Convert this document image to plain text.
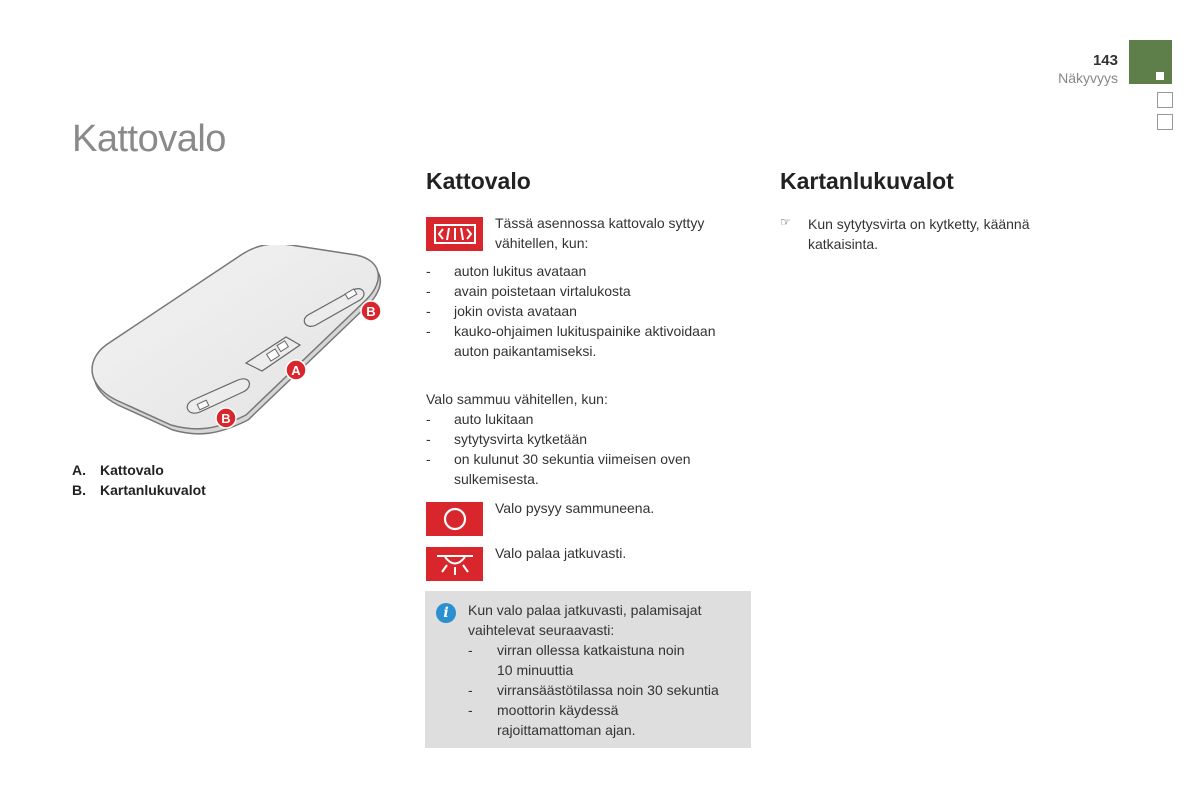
143
Näkyvyys
Kattovalo
B
A
B
A. Kattovalo
B. Kartanlukuvalot
Kattovalo
Tässä asennossa kattovalo syttyy
vähitellen, kun:
- auton lukitus avataan
- avain poistetaan virtalukosta
- jokin ovista avataan
- kauko-ohjaimen lukituspainike aktivoidaan
auton paikantamiseksi.
Valo sammuu vähitellen, kun:
- auto lukitaan
- sytytysvirta kytketään
- on kulunut 30 sekuntia viimeisen oven
sulkemisesta.
Valo pysyy sammuneena.
Valo palaa jatkuvasti.
i	Kun valo palaa jatkuvasti, palamisajat
vaihtelevat seuraavasti:
- virran ollessa katkaistuna noin
10 minuuttia
- virransäästötilassa noin 30 sekuntia
- moottorin käydessä
rajoittamattoman ajan.
Kartanlukuvalot
☞ Kun sytytysvirta on kytketty, käännä
katkaisinta.
